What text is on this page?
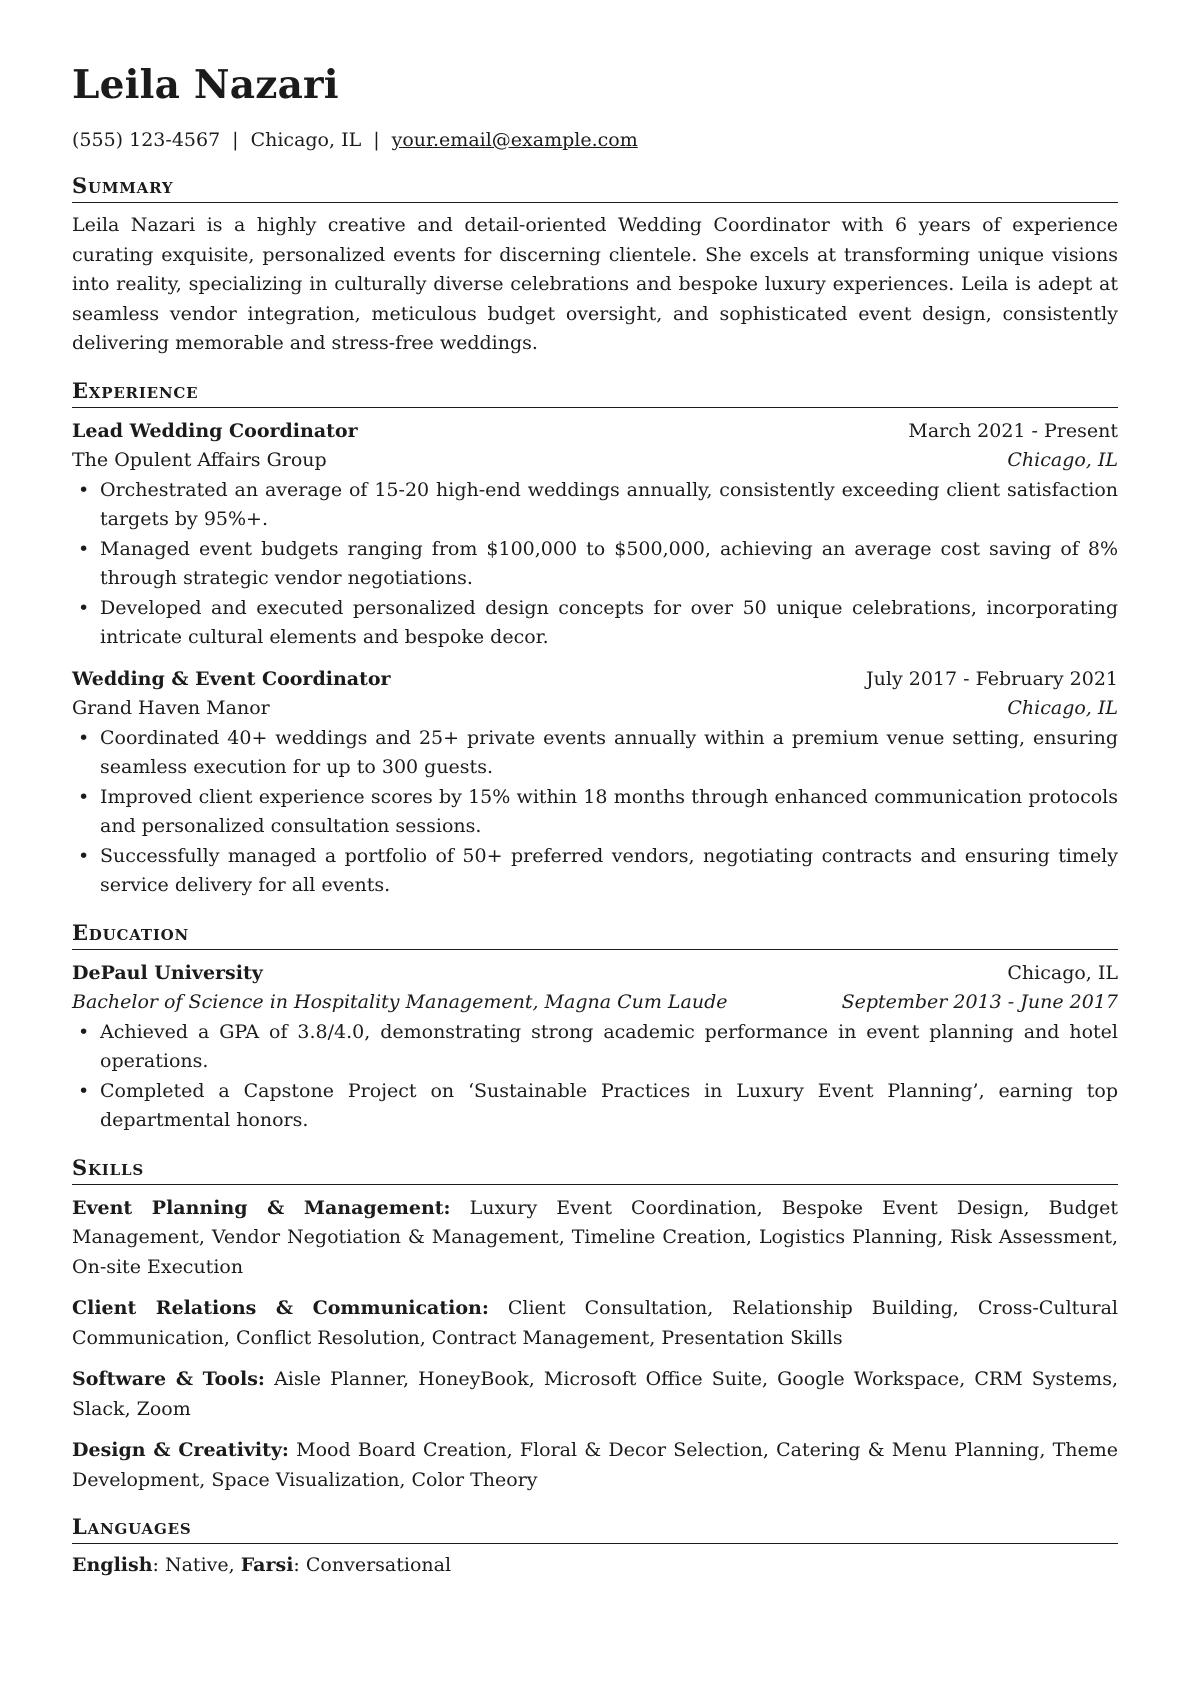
Leila Nazari
(555) 123-4567 | Chicago, IL | your.email@example.com
Summary
Leila Nazari is a highly creative and detail-oriented Wedding Coordinator with 6 years of experience curating exquisite, personalized events for discerning clientele. She excels at transforming unique visions into reality, specializing in culturally diverse celebrations and bespoke luxury experiences. Leila is adept at seamless vendor integration, meticulous budget oversight, and sophisticated event design, consistently delivering memorable and stress-free weddings.
Experience
Lead Wedding Coordinator	March 2021 - Present
The Opulent Affairs Group	Chicago, IL
• Orchestrated an average of 15-20 high-end weddings annually, consistently exceeding client satisfaction targets by 95%+.
• Managed event budgets ranging from $100,000 to $500,000, achieving an average cost saving of 8% through strategic vendor negotiations.
• Developed and executed personalized design concepts for over 50 unique celebrations, incorporating intricate cultural elements and bespoke decor.
Wedding & Event Coordinator	July 2017 - February 2021
Grand Haven Manor	Chicago, IL
• Coordinated 40+ weddings and 25+ private events annually within a premium venue setting, ensuring seamless execution for up to 300 guests.
• Improved client experience scores by 15% within 18 months through enhanced communication protocols and personalized consultation sessions.
• Successfully managed a portfolio of 50+ preferred vendors, negotiating contracts and ensuring timely service delivery for all events.
Education
DePaul University	Chicago, IL
Bachelor of Science in Hospitality Management, Magna Cum Laude	September 2013 - June 2017
• Achieved a GPA of 3.8/4.0, demonstrating strong academic performance in event planning and hotel operations.
• Completed a Capstone Project on ‘Sustainable Practices in Luxury Event Planning’, earning top departmental honors.
Skills
Event Planning & Management: Luxury Event Coordination, Bespoke Event Design, Budget Management, Vendor Negotiation & Management, Timeline Creation, Logistics Planning, Risk Assessment, On-site Execution
Client Relations & Communication: Client Consultation, Relationship Building, Cross-Cultural Communication, Conflict Resolution, Contract Management, Presentation Skills
Software & Tools: Aisle Planner, HoneyBook, Microsoft Office Suite, Google Workspace, CRM Systems, Slack, Zoom
Design & Creativity: Mood Board Creation, Floral & Decor Selection, Catering & Menu Planning, Theme Development, Space Visualization, Color Theory
Languages
English: Native, Farsi: Conversational
